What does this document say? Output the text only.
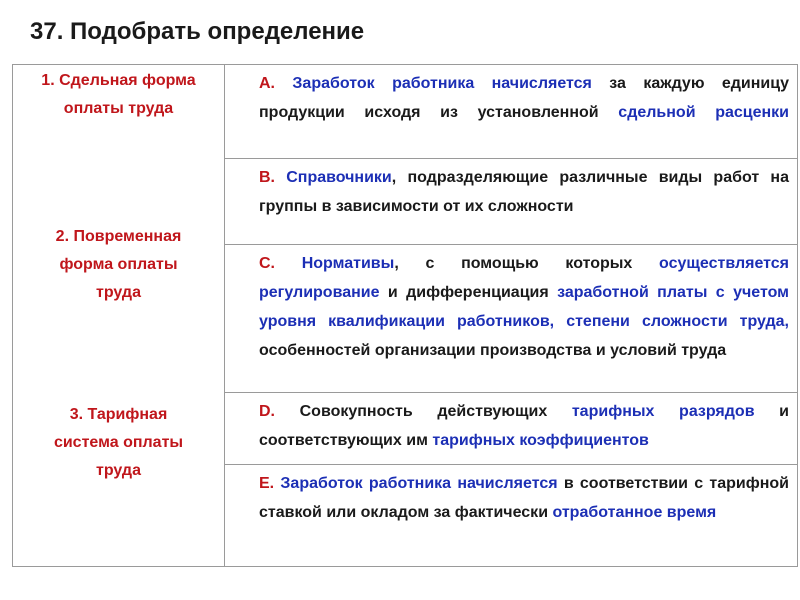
37. Подобрать определение
1. Сдельная форма
оплаты труда
2. Повременная
форма оплаты
труда
3. Тарифная
система оплаты
труда
A. Заработок работника начисляется за каждую единицу продукции исходя из установленной сдельной расценки
B. Справочники, подразделяющие различные виды работ на группы в зависимости от их сложности
C. Нормативы, с помощью которых осуществляется регулирование и дифференциация заработной платы с учетом уровня квалификации работников, степени сложности труда, особенностей организации производства и условий труда
D. Совокупность действующих тарифных разрядов и соответствующих им тарифных коэффициентов
E. Заработок работника начисляется в соответствии с тарифной ставкой или окладом за фактически отработанное время
